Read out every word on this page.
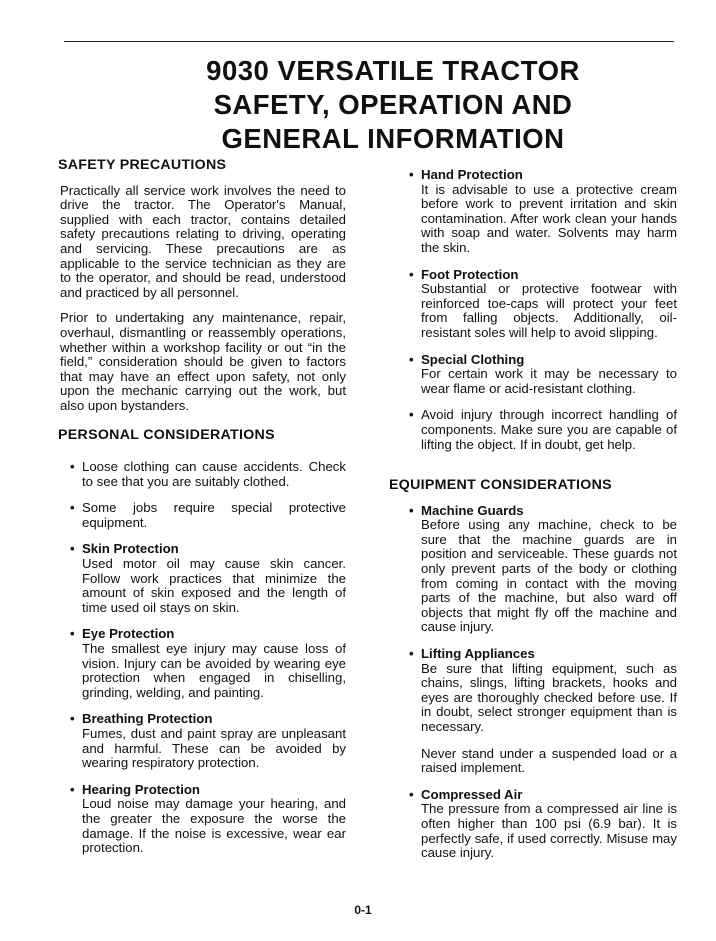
9030 VERSATILE TRACTOR
SAFETY, OPERATION AND
GENERAL INFORMATION
SAFETY PRECAUTIONS

Practically all service work involves the need to drive the tractor. The Operator's Manual, supplied with each tractor, contains detailed safety precautions relating to driving, operating and servicing. These precautions are as applicable to the service technician as they are to the operator, and should be read, understood and practiced by all personnel.

Prior to undertaking any maintenance, repair, overhaul, dismantling or reassembly operations, whether within a workshop facility or out “in the field,” consideration should be given to factors that may have an effect upon safety, not only upon the mechanic carrying out the work, but also upon bystanders.

PERSONAL CONSIDERATIONS
• Loose clothing can cause accidents. Check to see that you are suitably clothed.
• Some jobs require special protective equipment.
• Skin Protection
Used motor oil may cause skin cancer. Follow work practices that minimize the amount of skin exposed and the length of time used oil stays on skin.
• Eye Protection
The smallest eye injury may cause loss of vision. Injury can be avoided by wearing eye protection when engaged in chiselling, grinding, welding, and painting.
• Breathing Protection
Fumes, dust and paint spray are unpleasant and harmful. These can be avoided by wearing respiratory protection.
• Hearing Protection
Loud noise may damage your hearing, and the greater the exposure the worse the damage. If the noise is excessive, wear ear protection.
• Hand Protection
It is advisable to use a protective cream before work to prevent irritation and skin contamination. After work clean your hands with soap and water. Solvents may harm the skin.
• Foot Protection
Substantial or protective footwear with reinforced toe-caps will protect your feet from falling objects. Additionally, oil-resistant soles will help to avoid slipping.
• Special Clothing
For certain work it may be necessary to wear flame or acid-resistant clothing.
• Avoid injury through incorrect handling of components. Make sure you are capable of lifting the object. If in doubt, get help.
EQUIPMENT CONSIDERATIONS
• Machine Guards
Before using any machine, check to be sure that the machine guards are in position and serviceable. These guards not only prevent parts of the body or clothing from coming in contact with the moving parts of the machine, but also ward off objects that might fly off the machine and cause injury.
• Lifting Appliances
Be sure that lifting equipment, such as chains, slings, lifting brackets, hooks and eyes are thoroughly checked before use. If in doubt, select stronger equipment than is necessary.
Never stand under a suspended load or a raised implement.
• Compressed Air
The pressure from a compressed air line is often higher than 100 psi (6.9 bar). It is perfectly safe, if used correctly. Misuse may cause injury.
0-1
